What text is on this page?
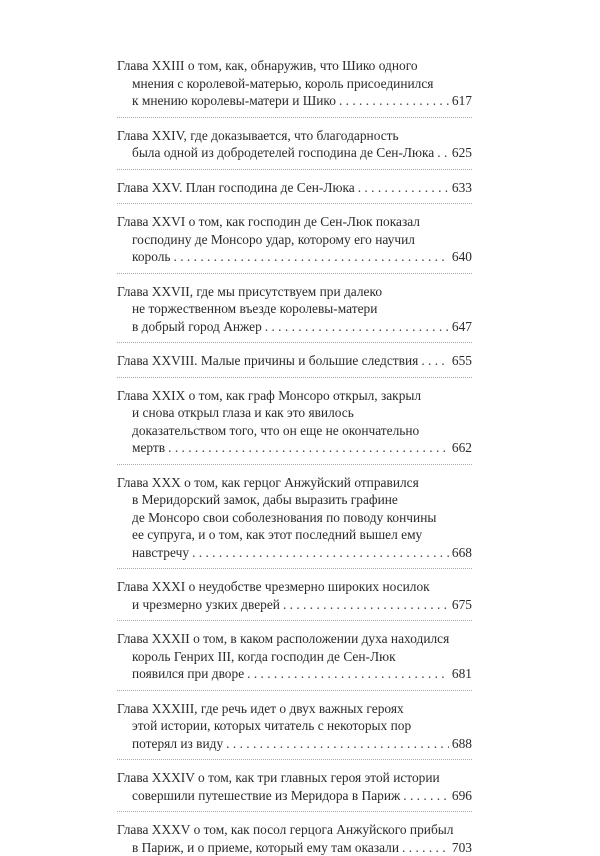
Глава XXIII о том, как, обнаружив, что Шико одного
мнения с королевой-матерью, король присоединился
к мнению королевы-матери и Шико . . .	617
Глава XXIV, где доказывается, что благодарность
была одной из добродетелей господина де Сен-Люка . . . 625
Глава XXV. План господина де Сен-Люка . . .	633
Глава XXVI о том, как господин де Сен-Люк показал
господину де Монсоро удар, которому его научил
король . . .	640
Глава XXVII, где мы присутствуем при далеко
не торжественном въезде королевы-матери
в добрый город Анжер . . .	647
Глава XXVIII. Малые причины и большие следствия . . .	655
Глава XXIX о том, как граф Монсоро открыл, закрыл
и снова открыл глаза и как это явилось
доказательством того, что он еще не окончательно
мертв . . .	662
Глава XXX о том, как герцог Анжуйский отправился
в Меридорский замок, дабы выразить графине
де Монсоро свои соболезнования по поводу кончины
ее супруга, и о том, как этот последний вышел ему
навстречу . . .	668
Глава XXXI о неудобстве чрезмерно широких носилок
и чрезмерно узких дверей . . .	675
Глава XXXII о том, в каком расположении духа находился
король Генрих III, когда господин де Сен-Люк
появился при дворе . . .	681
Глава XXXIII, где речь идет о двух важных героях
этой истории, которых читатель с некоторых пор
потерял из виду . . .	688
Глава XXXIV о том, как три главных героя этой истории
совершили путешествие из Меридора в Париж . . .	696
Глава XXXV о том, как посол герцога Анжуйского прибыл
в Париж, и о приеме, который ему там оказали . . .	703
